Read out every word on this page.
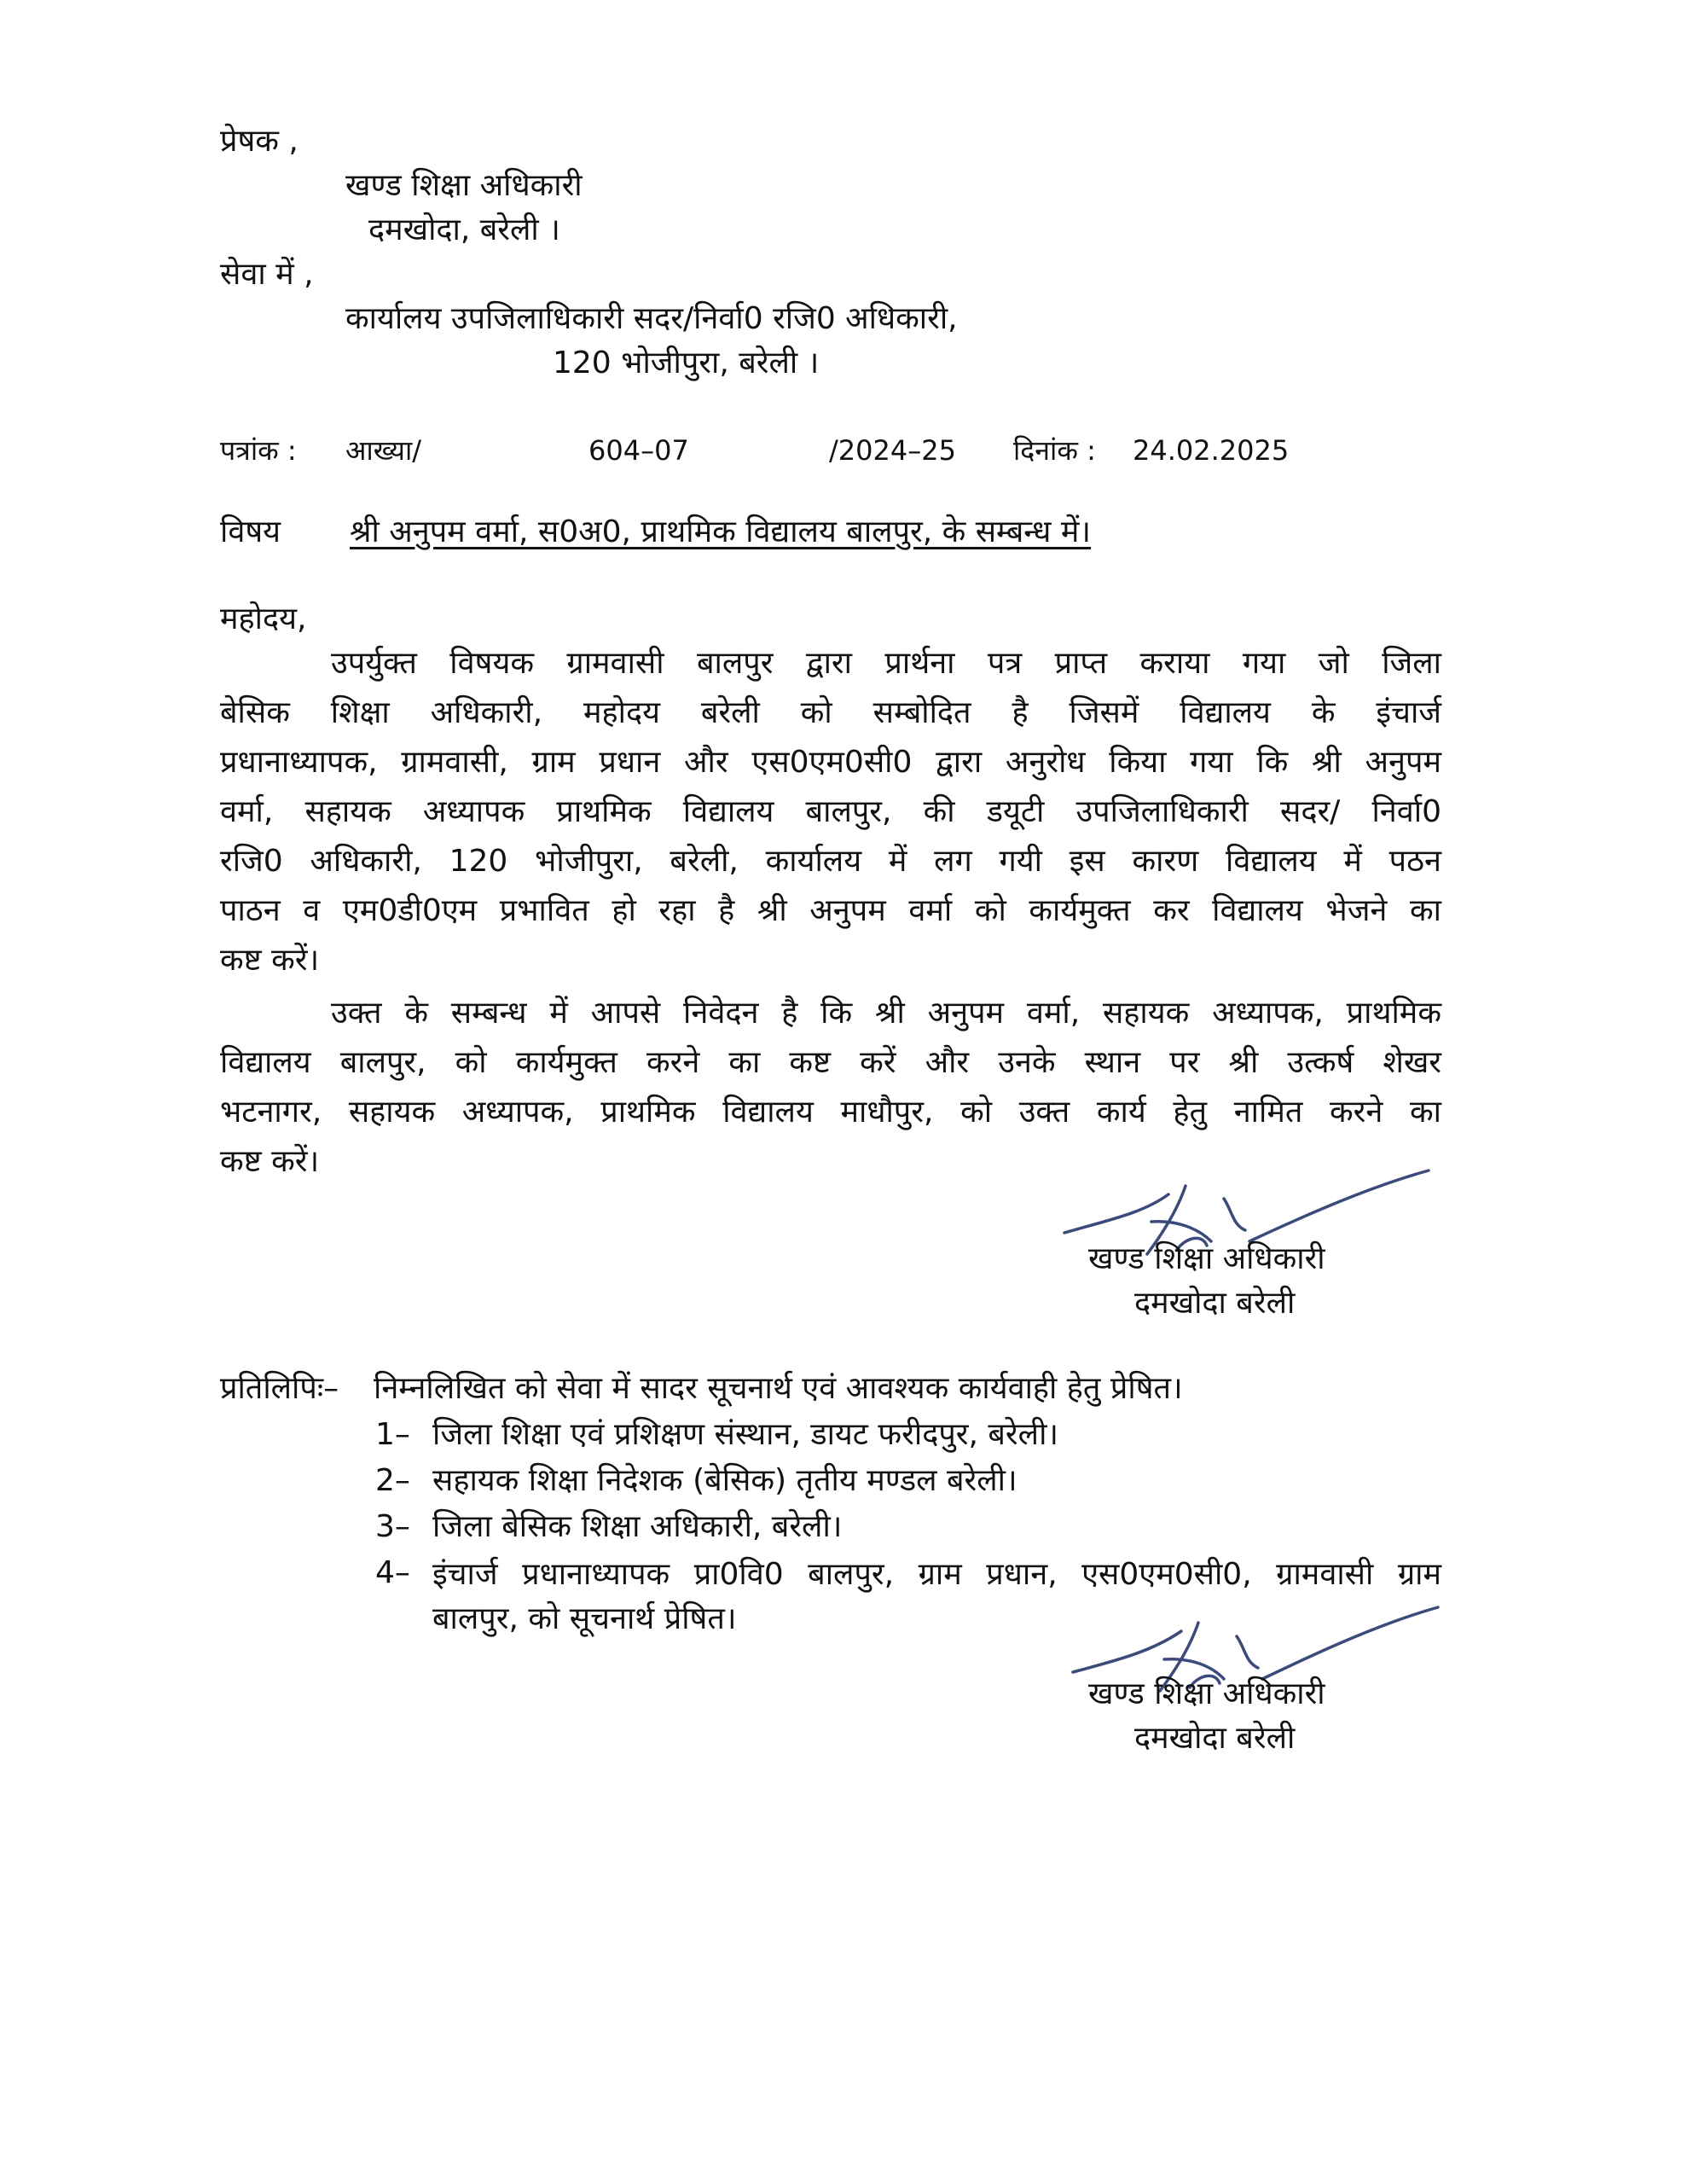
प्रेषक ,
खण्ड शिक्षा अधिकारी
दमखोदा, बरेली ।
सेवा में ,
कार्यालय उपजिलाधिकारी सदर/निर्वा0 रजि0 अधिकारी,
120 भोजीपुरा, बरेली ।
पत्रांक : आख्या/	604–07	/2024–25 दिनांक : 24.02.2025
विषय श्री अनुपम वर्मा, स0अ0, प्राथमिक विद्यालय बालपुर, के सम्बन्ध में।
महोदय,
उपर्युक्त विषयक ग्रामवासी बालपुर द्वारा प्रार्थना पत्र प्राप्त कराया गया जो जिला
बेसिक शिक्षा अधिकारी, महोदय बरेली को सम्बोदित है जिसमें विद्यालय के इंचार्ज
प्रधानाध्यापक, ग्रामवासी, ग्राम प्रधान और एस0एम0सी0 द्वारा अनुरोध किया गया कि श्री अनुपम
वर्मा, सहायक अध्यापक प्राथमिक विद्यालय बालपुर, की डयूटी उपजिलाधिकारी सदर/ निर्वा0
रजि0 अधिकारी, 120 भोजीपुरा, बरेली, कार्यालय में लग गयी इस कारण विद्यालय में पठन
पाठन व एम0डी0एम प्रभावित हो रहा है श्री अनुपम वर्मा को कार्यमुक्त कर विद्यालय भेजने का
कष्ट करें।
उक्त के सम्बन्ध में आपसे निवेदन है कि श्री अनुपम वर्मा, सहायक अध्यापक, प्राथमिक
विद्यालय बालपुर, को कार्यमुक्त करने का कष्ट करें और उनके स्थान पर श्री उत्कर्ष शेखर
भटनागर, सहायक अध्यापक, प्राथमिक विद्यालय माधौपुर, को उक्त कार्य हेतु नामित करने का
कष्ट करें।
खण्ड शिक्षा अधिकारी
दमखोदा बरेली
प्रतिलिपिः– निम्नलिखित को सेवा में सादर सूचनार्थ एवं आवश्यक कार्यवाही हेतु प्रेषित।
1– जिला शिक्षा एवं प्रशिक्षण संस्थान, डायट फरीदपुर, बरेली।
2– सहायक शिक्षा निदेशक (बेसिक) तृतीय मण्डल बरेली।
3– जिला बेसिक शिक्षा अधिकारी, बरेली।
4– इंचार्ज प्रधानाध्यापक प्रा0वि0 बालपुर, ग्राम प्रधान, एस0एम0सी0, ग्रामवासी ग्राम
बालपुर, को सूचनार्थ प्रेषित।
खण्ड शिक्षा अधिकारी
दमखोदा बरेली
